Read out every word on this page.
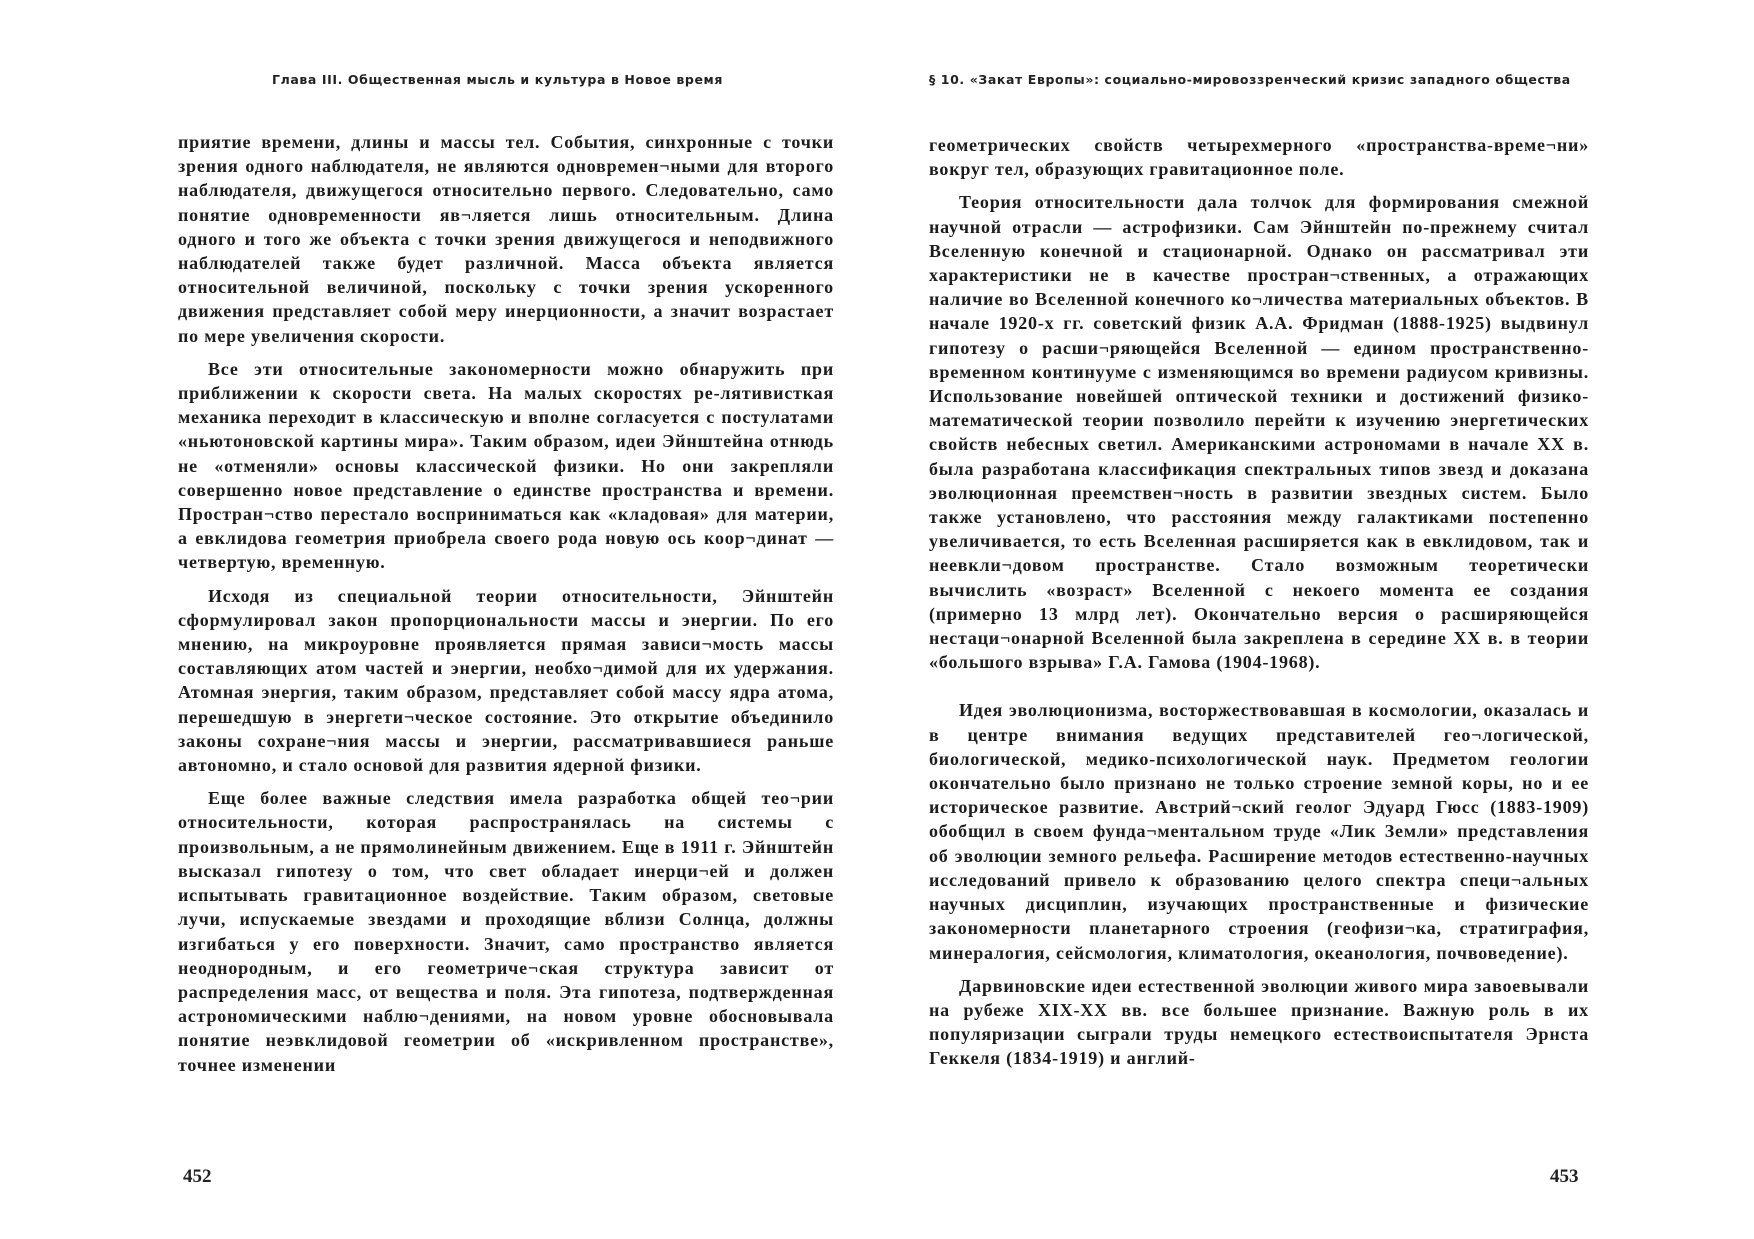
Глава III. Общественная мысль и культура в Новое время

приятие времени, длины и массы тел. События, синхронные с точки зрения одного наблюдателя, не являются одновремен¬ными для второго наблюдателя, движущегося относительно первого. Следовательно, само понятие одновременности яв¬ляется лишь относительным. Длина одного и того же объекта с точки зрения движущегося и неподвижного наблюдателей также будет различной. Масса объекта является относительной величиной, поскольку с точки зрения ускоренного движения представляет собой меру инерционности, а значит возрастает по мере увеличения скорости.

Все эти относительные закономерности можно обнаружить при приближении к скорости света. На малых скоростях ре-лятивисткая механика переходит в классическую и вполне согласуется с постулатами «ньютоновской картины мира». Таким образом, идеи Эйнштейна отнюдь не «отменяли» основы классической физики. Но они закрепляли совершенно новое представление о единстве пространства и времени. Простран¬ство перестало восприниматься как «кладовая» для материи, а евклидова геометрия приобрела своего рода новую ось коор¬динат — четвертую, временную.

Исходя из специальной теории относительности, Эйнштейн сформулировал закон пропорциональности массы и энергии. По его мнению, на микроуровне проявляется прямая зависи¬мость массы составляющих атом частей и энергии, необхо¬димой для их удержания. Атомная энергия, таким образом, представляет собой массу ядра атома, перешедшую в энергети¬ческое состояние. Это открытие объединило законы сохране¬ния массы и энергии, рассматривавшиеся раньше автономно, и стало основой для развития ядерной физики.

Еще более важные следствия имела разработка общей тео¬рии относительности, которая распространялась на системы с произвольным, а не прямолинейным движением. Еще в 1911 г. Эйнштейн высказал гипотезу о том, что свет обладает инерци¬ей и должен испытывать гравитационное воздействие. Таким образом, световые лучи, испускаемые звездами и проходящие вблизи Солнца, должны изгибаться у его поверхности. Значит, само пространство является неоднородным, и его геометриче¬ская структура зависит от распределения масс, от вещества и поля. Эта гипотеза, подтвержденная астрономическими наблю¬дениями, на новом уровне обосновывала понятие неэвклидовой геометрии об «искривленном пространстве», точнее изменении

452
§ 10. «Закат Европы»: социально-мировоззренческий кризис западного общества

геометрических свойств четырехмерного «пространства-време¬ни» вокруг тел, образующих гравитационное поле.

Теория относительности дала толчок для формирования смежной научной отрасли — астрофизики. Сам Эйнштейн по-прежнему считал Вселенную конечной и стационарной. Однако он рассматривал эти характеристики не в качестве простран¬ственных, а отражающих наличие во Вселенной конечного ко¬личества материальных объектов. В начале 1920-х гг. советский физик А.А. Фридман (1888-1925) выдвинул гипотезу о расши¬ряющейся Вселенной — едином пространственно-временном континууме с изменяющимся во времени радиусом кривизны. Использование новейшей оптической техники и достижений физико-математической теории позволило перейти к изучению энергетических свойств небесных светил. Американскими астрономами в начале XX в. была разработана классификация спектральных типов звезд и доказана эволюционная преемствен¬ность в развитии звездных систем. Было также установлено, что расстояния между галактиками постепенно увеличивается, то есть Вселенная расширяется как в евклидовом, так и неевкли¬довом пространстве. Стало возможным теоретически вычислить «возраст» Вселенной с некоего момента ее создания (примерно 13 млрд лет). Окончательно версия о расширяющейся нестаци¬онарной Вселенной была закреплена в середине XX в. в теории «большого взрыва» Г.А. Гамова (1904-1968).

Идея эволюционизма, восторжествовавшая в космологии, оказалась и в центре внимания ведущих представителей гео¬логической, биологической, медико-психологической наук. Предметом геологии окончательно было признано не только строение земной коры, но и ее историческое развитие. Австрий¬ский геолог Эдуард Гюсс (1883-1909) обобщил в своем фунда¬ментальном труде «Лик Земли» представления об эволюции земного рельефа. Расширение методов естественно-научных исследований привело к образованию целого спектра специ¬альных научных дисциплин, изучающих пространственные и физические закономерности планетарного строения (геофизи¬ка, стратиграфия, минералогия, сейсмология, климатология, океанология, почвоведение).

Дарвиновские идеи естественной эволюции живого мира завоевывали на рубеже XIX-XX вв. все большее признание. Важную роль в их популяризации сыграли труды немецкого естествоиспытателя Эрнста Геккеля (1834-1919) и англий-

453
